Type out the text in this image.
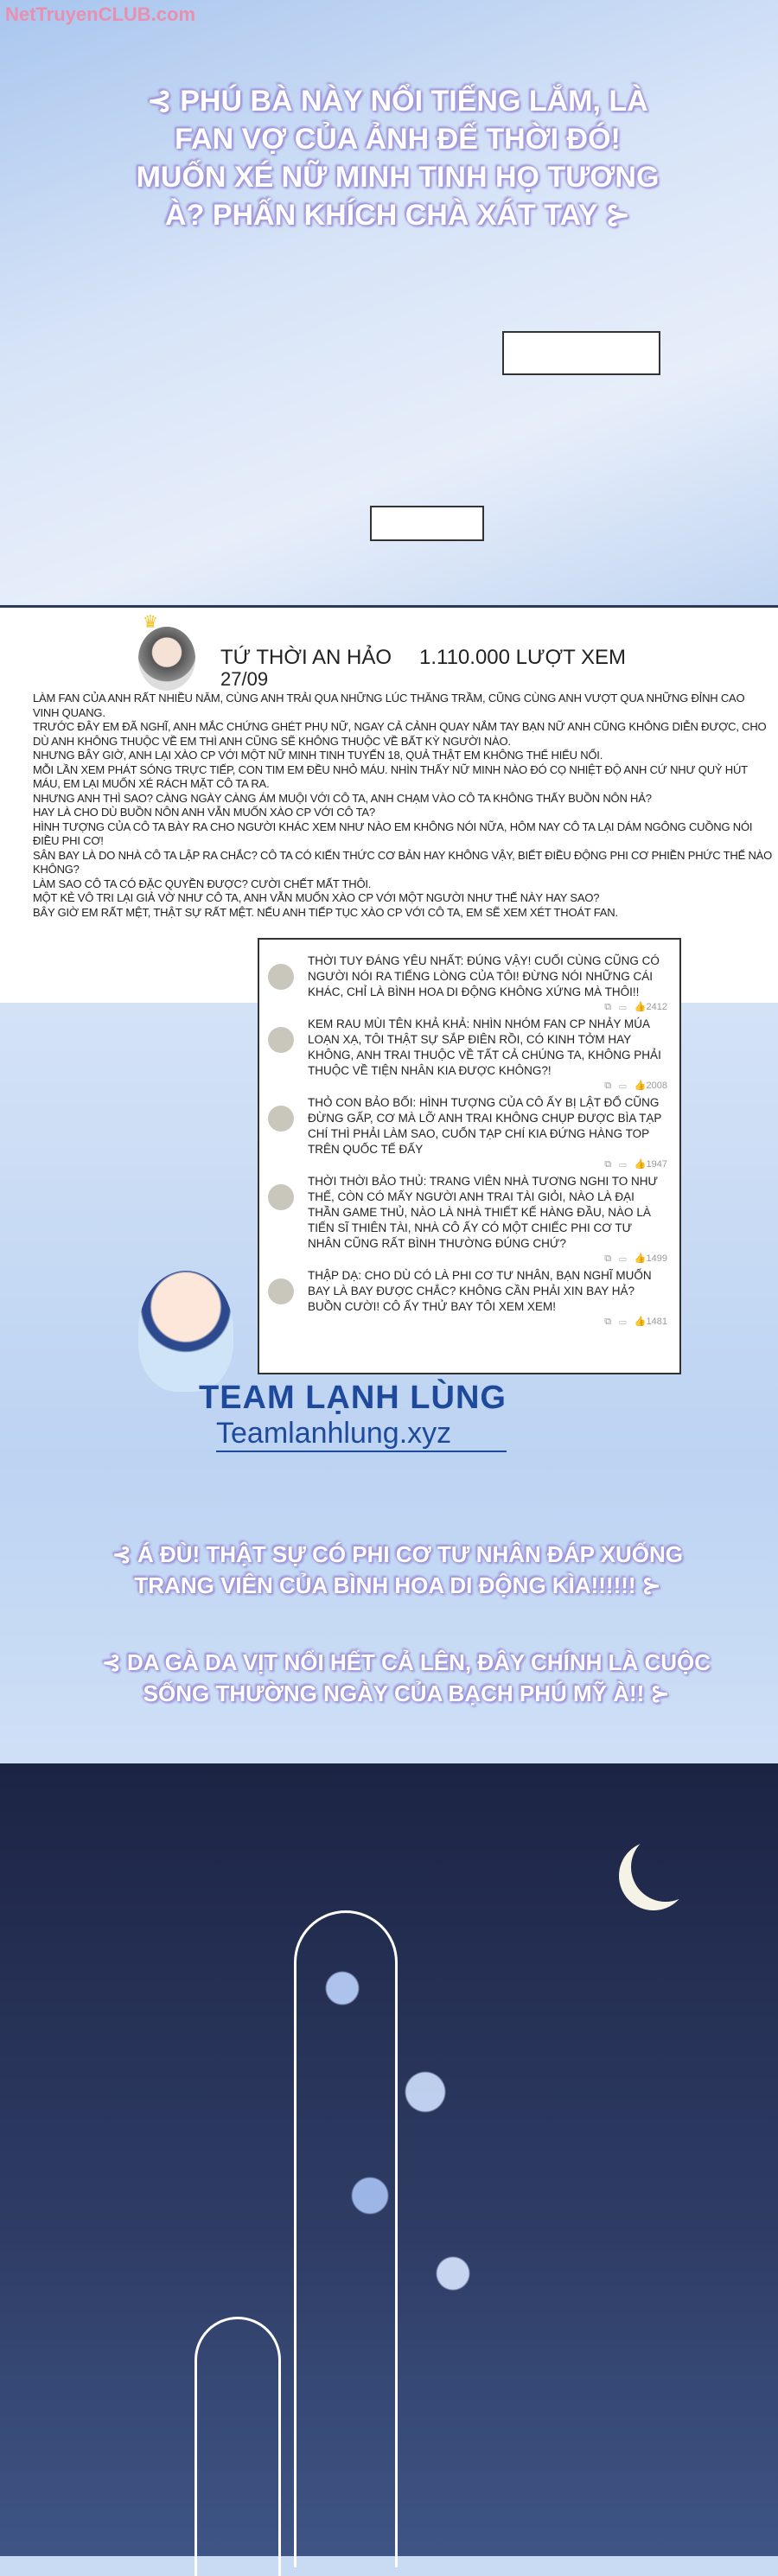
NetTruyenCLUB.com
⊰ PHÚ BÀ NÀY NỔI TIẾNG LẮM, LÀ FAN VỢ CỦA ẢNH ĐẾ THỜI ĐÓ! MUỐN XÉ NỮ MINH TINH HỌ TƯƠNG À? PHẤN KHÍCH CHÀ XÁT TAY ⊱
♛
TỨ THỜI AN HẢO 1.110.000 LƯỢT XEM
27/09
LÀM FAN CỦA ANH RẤT NHIỀU NĂM, CÙNG ANH TRẢI QUA NHỮNG LÚC THĂNG TRẦM, CŨNG CÙNG ANH VƯỢT QUA NHỮNG ĐỈNH CAO VINH QUANG.
TRƯỚC ĐÂY EM ĐÃ NGHĨ, ANH MẮC CHỨNG GHÉT PHỤ NỮ, NGAY CẢ CẢNH QUAY NẮM TAY BẠN NỮ ANH CŨNG KHÔNG DIỄN ĐƯỢC, CHO DÙ ANH KHÔNG THUỘC VỀ EM THÌ ANH CŨNG SẼ KHÔNG THUỘC VỀ BẤT KỲ NGƯỜI NÀO.
NHƯNG BÂY GIỜ, ANH LẠI XÀO CP VỚI MỘT NỮ MINH TINH TUYẾN 18, QUẢ THẬT EM KHÔNG THỂ HIỂU NỔI.
MỖI LẦN XEM PHÁT SÓNG TRỰC TIẾP, CON TIM EM ĐỀU NHỎ MÁU. NHÌN THẤY NỮ MINH NÀO ĐÓ CỌ NHIỆT ĐỘ ANH CỨ NHƯ QUỶ HÚT MÁU, EM LẠI MUỐN XÉ RÁCH MẶT CÔ TA RA.
NHƯNG ANH THÌ SAO? CÀNG NGÀY CÀNG ÁM MUỘI VỚI CÔ TA, ANH CHẠM VÀO CÔ TA KHÔNG THẤY BUỒN NÔN HẢ?
HAY LÀ CHO DÙ BUỒN NÔN ANH VẪN MUỐN XÀO CP VỚI CÔ TA?
HÌNH TƯỢNG CỦA CÔ TA BÀY RA CHO NGƯỜI KHÁC XEM NHƯ NÀO EM KHÔNG NÓI NỮA, HÔM NAY CÔ TA LẠI DÁM NGÔNG CUỒNG NÓI ĐIỀU PHI CƠ!
SÂN BAY LÀ DO NHÀ CÔ TA LẬP RA CHẮC? CÔ TA CÓ KIẾN THỨC CƠ BẢN HAY KHÔNG VẬY, BIẾT ĐIỀU ĐỘNG PHI CƠ PHIỀN PHỨC THẾ NÀO KHÔNG?
LÀM SAO CÔ TA CÓ ĐẶC QUYỀN ĐƯỢC? CƯỜI CHẾT MẤT THÔI.
MỘT KẺ VÔ TRI LẠI GIẢ VỜ NHƯ CÔ TA, ANH VẪN MUỐN XÀO CP VỚI MỘT NGƯỜI NHƯ THẾ NÀY HAY SAO?
BÂY GIỜ EM RẤT MỆT, THẬT SỰ RẤT MỆT. NẾU ANH TIẾP TỤC XÀO CP VỚI CÔ TA, EM SẼ XEM XÉT THOÁT FAN.
⊰ Á ĐÙ! THẬT SỰ CÓ PHI CƠ TƯ NHÂN ĐÁP XUỐNG TRANG VIÊN CỦA BÌNH HOA DI ĐỘNG KÌA!!!!!! ⊱
⊰ DA GÀ DA VỊT NỔI HẾT CẢ LÊN, ĐÂY CHÍNH LÀ CUỘC SỐNG THƯỜNG NGÀY CỦA BẠCH PHÚ MỸ À!! ⊱
THỜI TUY ĐÁNG YÊU NHẤT: ĐÚNG VẬY! CUỐI CÙNG CŨNG CÓ NGƯỜI NÓI RA TIẾNG LÒNG CỦA TÔI! ĐỪNG NÓI NHỮNG CÁI KHÁC, CHỈ LÀ BÌNH HOA DI ĐỘNG KHÔNG XỨNG MÀ THÔI!!
⧉ ▭ 👍2412
KEM RAU MÙI TÊN KHẢ KHẢ: NHÌN NHÓM FAN CP NHẢY MÚA LOẠN XẠ, TÔI THẬT SỰ SẮP ĐIÊN RỒI, CÓ KINH TỞM HAY KHÔNG, ANH TRAI THUỘC VỀ TẤT CẢ CHÚNG TA, KHÔNG PHẢI THUỘC VỀ TIỆN NHÂN KIA ĐƯỢC KHÔNG?!
⧉ ▭ 👍2008
THỎ CON BẢO BỐI: HÌNH TƯỢNG CỦA CÔ ẤY BỊ LẬT ĐỔ CŨNG ĐỪNG GẤP, CƠ MÀ LỠ ANH TRAI KHÔNG CHỤP ĐƯỢC BÌA TẠP CHÍ THÌ PHẢI LÀM SAO, CUỐN TẠP CHÍ KIA ĐỨNG HÀNG TOP TRÊN QUỐC TẾ ĐẤY
⧉ ▭ 👍1947
THỜI THỜI BẢO THỦ: TRANG VIÊN NHÀ TƯƠNG NGHI TO NHƯ THẾ, CÒN CÓ MẤY NGƯỜI ANH TRAI TÀI GIỎI, NÀO LÀ ĐẠI THẦN GAME THỦ, NÀO LÀ NHÀ THIẾT KẾ HÀNG ĐẦU, NÀO LÀ TIẾN SĨ THIÊN TÀI, NHÀ CÔ ẤY CÓ MỘT CHIẾC PHI CƠ TƯ NHÂN CŨNG RẤT BÌNH THƯỜNG ĐÚNG CHỨ?
⧉ ▭ 👍1499
THẬP DẠ: CHO DÙ CÓ LÀ PHI CƠ TƯ NHÂN, BẠN NGHĨ MUỐN BAY LÀ BAY ĐƯỢC CHẮC? KHÔNG CẦN PHẢI XIN BAY HẢ? BUỒN CƯỜI! CÔ ẤY THỬ BAY TÔI XEM XEM!
⧉ ▭ 👍1481
TEAM LẠNH LÙNG
Teamlanhlung.xyz
